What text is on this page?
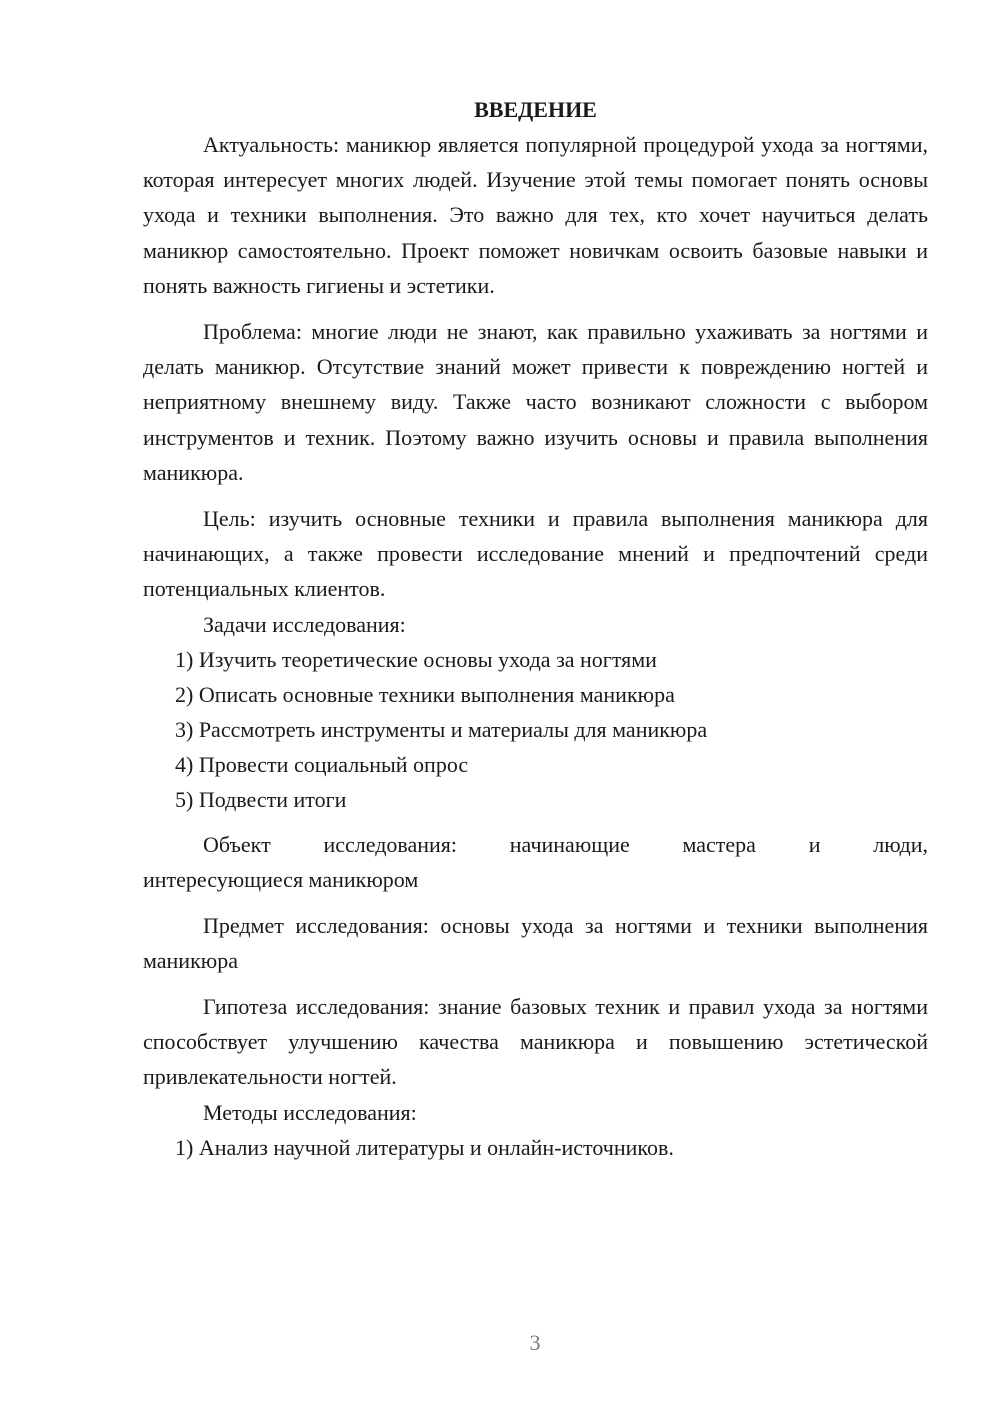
ВВЕДЕНИЕ

Актуальность: маникюр является популярной процедурой ухода за ногтями, которая интересует многих людей. Изучение этой темы помогает понять основы ухода и техники выполнения. Это важно для тех, кто хочет научиться делать маникюр самостоятельно. Проект поможет новичкам освоить базовые навыки и понять важность гигиены и эстетики.

Проблема: многие люди не знают, как правильно ухаживать за ногтями и делать маникюр. Отсутствие знаний может привести к повреждению ногтей и неприятному внешнему виду. Также часто возникают сложности с выбором инструментов и техник. Поэтому важно изучить основы и правила выполнения маникюра.

Цель: изучить основные техники и правила выполнения маникюра для начинающих, а также провести исследование мнений и предпочтений среди потенциальных клиентов.

Задачи исследования:

1) Изучить теоретические основы ухода за ногтями

2) Описать основные техники выполнения маникюра

3) Рассмотреть инструменты и материалы для маникюра

4) Провести социальный опрос

5) Подвести итоги

Объект исследования: начинающие мастера и люди,

интересующиеся маникюром

Предмет исследования: основы ухода за ногтями и техники выполнения маникюра

Гипотеза исследования: знание базовых техник и правил ухода за ногтями способствует улучшению качества маникюра и повышению эстетической привлекательности ногтей.

Методы исследования:

1) Анализ научной литературы и онлайн-источников.

3
